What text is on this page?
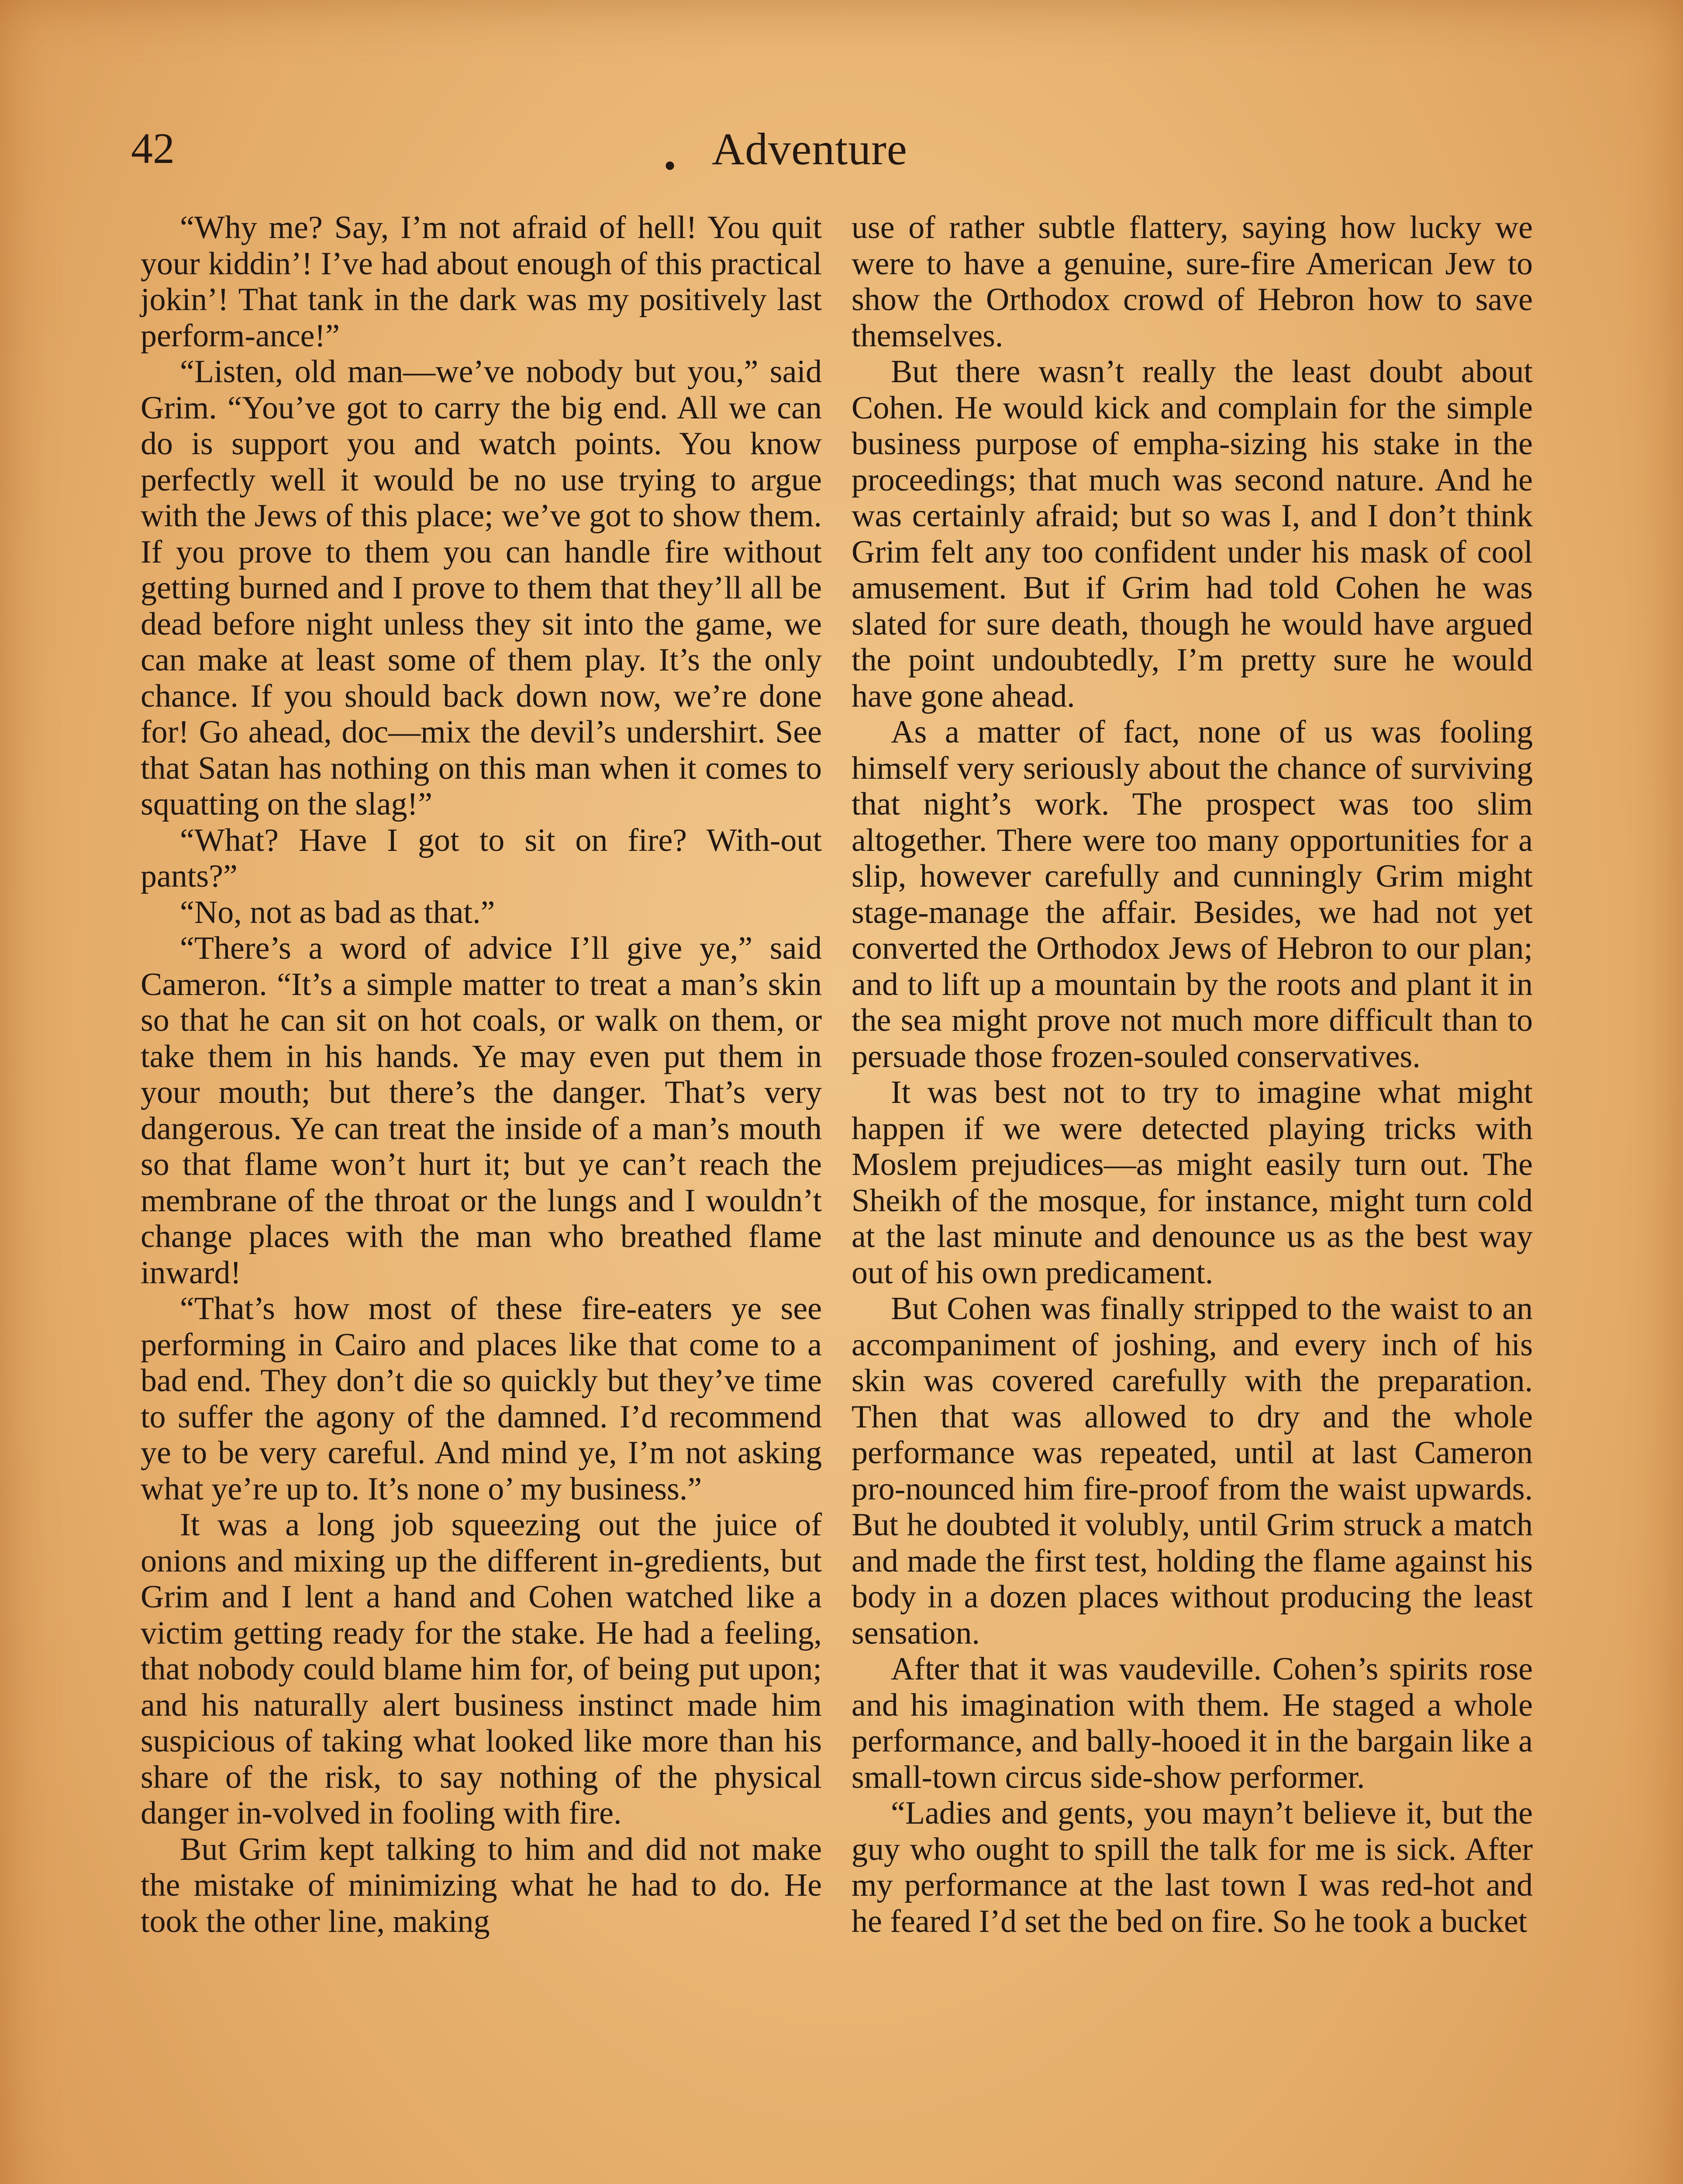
42	• Adventure

“Why me? Say, I’m not afraid of hell! You quit your kiddin’! I’ve had about enough of this practical jokin’! That tank in the dark was my positively last perform-ance!”

“Listen, old man—we’ve nobody but you,” said Grim. “You’ve got to carry the big end. All we can do is support you and watch points. You know perfectly well it would be no use trying to argue with the Jews of this place; we’ve got to show them. If you prove to them you can handle fire without getting burned and I prove to them that they’ll all be dead before night unless they sit into the game, we can make at least some of them play. It’s the only chance. If you should back down now, we’re done for! Go ahead, doc—mix the devil’s undershirt. See that Satan has nothing on this man when it comes to squatting on the slag!”

“What? Have I got to sit on fire? With-out pants?”

“No, not as bad as that.”

“There’s a word of advice I’ll give ye,” said Cameron. “It’s a simple matter to treat a man’s skin so that he can sit on hot coals, or walk on them, or take them in his hands. Ye may even put them in your mouth; but there’s the danger. That’s very dangerous. Ye can treat the inside of a man’s mouth so that flame won’t hurt it; but ye can’t reach the membrane of the throat or the lungs and I wouldn’t change places with the man who breathed flame inward!

“That’s how most of these fire-eaters ye see performing in Cairo and places like that come to a bad end. They don’t die so quickly but they’ve time to suffer the agony of the damned. I’d recommend ye to be very careful. And mind ye, I’m not asking what ye’re up to. It’s none o’ my business.”

It was a long job squeezing out the juice of onions and mixing up the different in-gredients, but Grim and I lent a hand and Cohen watched like a victim getting ready for the stake. He had a feeling, that nobody could blame him for, of being put upon; and his naturally alert business instinct made him suspicious of taking what looked like more than his share of the risk, to say nothing of the physical danger in-volved in fooling with fire.

But Grim kept talking to him and did not make the mistake of minimizing what he had to do. He took the other line, making

use of rather subtle flattery, saying how lucky we were to have a genuine, sure-fire American Jew to show the Orthodox crowd of Hebron how to save themselves.

But there wasn’t really the least doubt about Cohen. He would kick and complain for the simple business purpose of empha-sizing his stake in the proceedings; that much was second nature. And he was certainly afraid; but so was I, and I don’t think Grim felt any too confident under his mask of cool amusement. But if Grim had told Cohen he was slated for sure death, though he would have argued the point undoubtedly, I’m pretty sure he would have gone ahead.

As a matter of fact, none of us was fooling himself very seriously about the chance of surviving that night’s work. The prospect was too slim altogether. There were too many opportunities for a slip, however carefully and cunningly Grim might stage-manage the affair. Besides, we had not yet converted the Orthodox Jews of Hebron to our plan; and to lift up a mountain by the roots and plant it in the sea might prove not much more difficult than to persuade those frozen-souled conservatives.

It was best not to try to imagine what might happen if we were detected playing tricks with Moslem prejudices—as might easily turn out. The Sheikh of the mosque, for instance, might turn cold at the last minute and denounce us as the best way out of his own predicament.

But Cohen was finally stripped to the waist to an accompaniment of joshing, and every inch of his skin was covered carefully with the preparation. Then that was allowed to dry and the whole performance was repeated, until at last Cameron pro-nounced him fire-proof from the waist upwards. But he doubted it volubly, until Grim struck a match and made the first test, holding the flame against his body in a dozen places without producing the least sensation.

After that it was vaudeville. Cohen’s spirits rose and his imagination with them. He staged a whole performance, and bally-hooed it in the bargain like a small-town circus side-show performer.

“Ladies and gents, you mayn’t believe it, but the guy who ought to spill the talk for me is sick. After my performance at the last town I was red-hot and he feared I’d set the bed on fire. So he took a bucket
